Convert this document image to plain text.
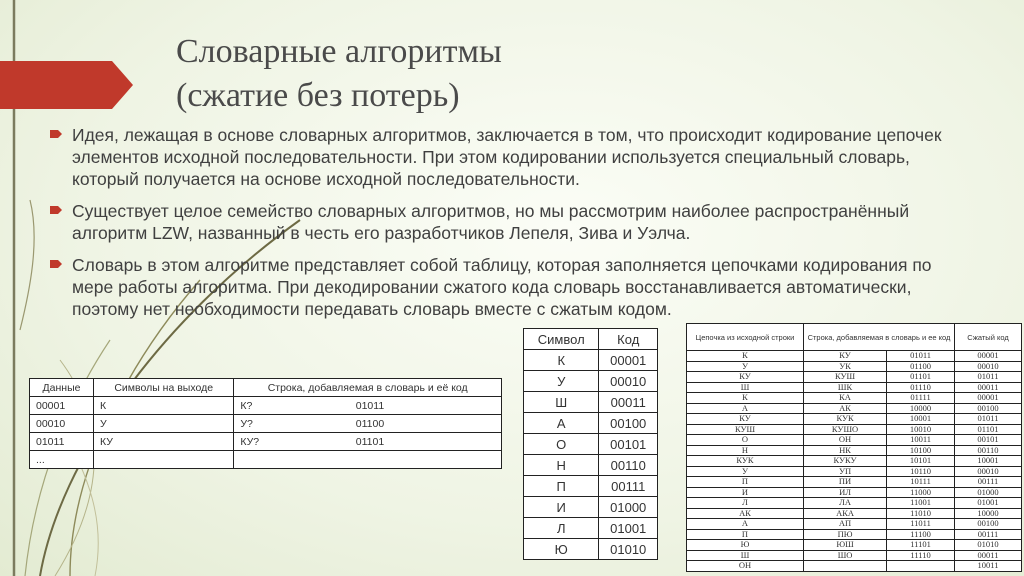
Словарные алгоритмы
(сжатие без потерь)
Идея, лежащая в основе словарных алгоритмов, заключается в том, что происходит кодирование цепочек элементов исходной последовательности. При этом кодировании используется специальный словарь, который получается на основе исходной последовательности.
Существует целое семейство словарных алгоритмов, но мы рассмотрим наиболее распространённый алгоритм LZW, названный в честь его разработчиков Лепеля, Зива и Уэлча.
Словарь в этом алгоритме представляет собой таблицу, которая заполняется цепочками кодирования по мере работы алгоритма. При декодировании сжатого кода словарь восстанавливается автоматически, поэтому нет необходимости передавать словарь вместе с сжатым кодом.
Данные	Символы на выходе	Строка, добавляемая в словарь и её код	
00001	К	К?	01011
00010	У	У?	01100
01011	КУ	КУ?	01101
...			
Символ	Код
К	00001
У	00010
Ш	00011
А	00100
О	00101
Н	00110
П	00111
И	01000
Л	01001
Ю	01010
Цепочка из исходной строки	Строка, добавляемая в словарь и ее код		Сжатый код
К	КУ	01011	00001
У	УК	01100	00010
КУ	КУШ	01101	01011
Ш	ШК	01110	00011
К	КА	01111	00001
А	АК	10000	00100
КУ	КУК	10001	01011
КУШ	КУШО	10010	01101
О	ОН	10011	00101
Н	НК	10100	00110
КУК	КУКУ	10101	10001
У	УП	10110	00010
П	ПИ	10111	00111
И	ИЛ	11000	01000
Л	ЛА	11001	01001
АК	АКА	11010	10000
А	АП	11011	00100
П	ПЮ	11100	00111
Ю	ЮШ	11101	01010
Ш	ШО	11110	00011
ОН			10011
